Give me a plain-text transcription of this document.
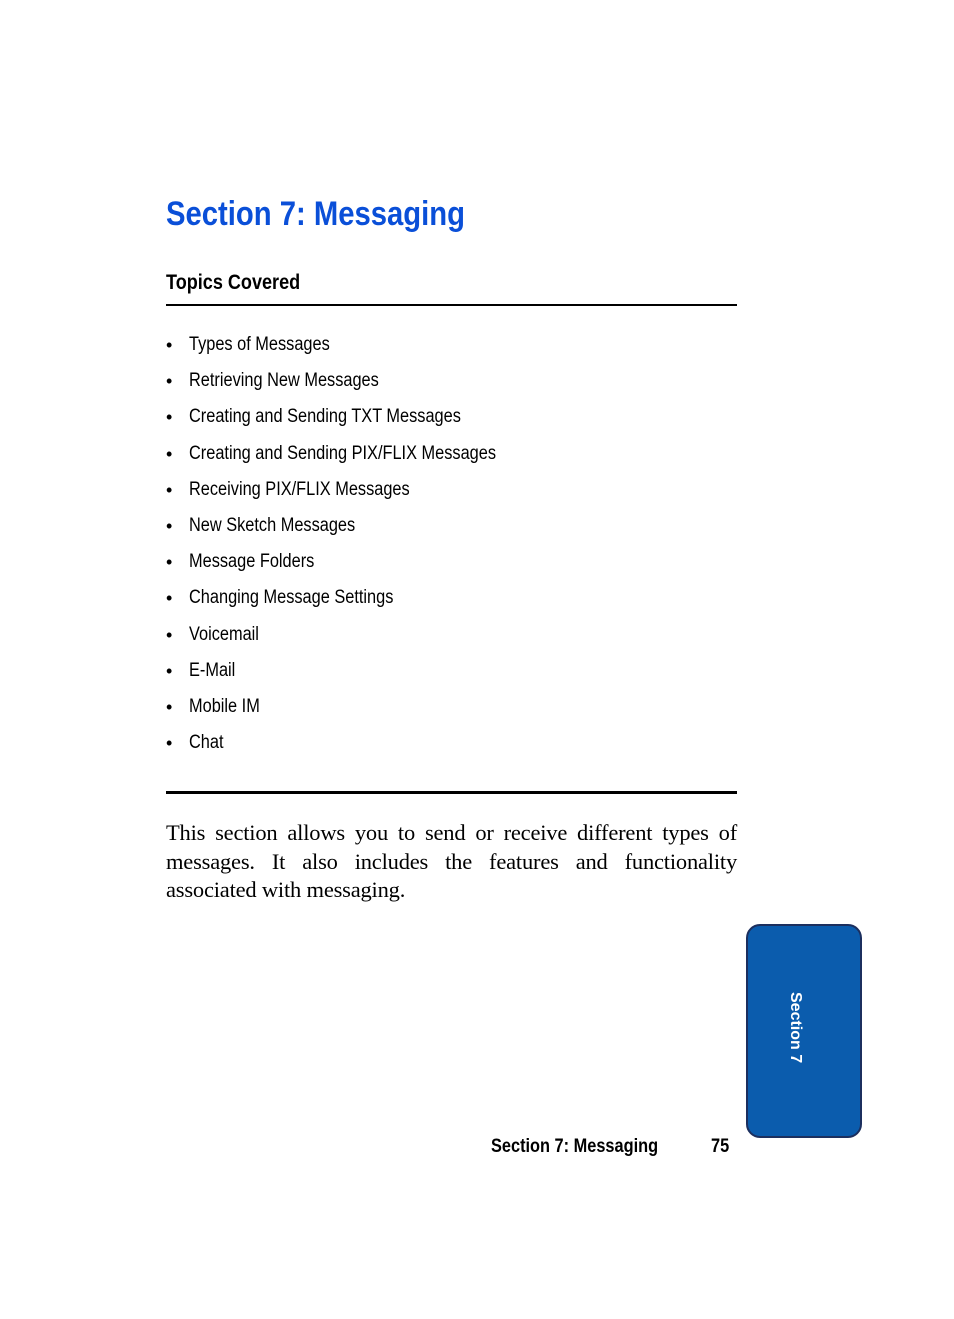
Section 7: Messaging
Topics Covered
• Types of Messages
• Retrieving New Messages
• Creating and Sending TXT Messages
• Creating and Sending PIX/FLIX Messages
• Receiving PIX/FLIX Messages
• New Sketch Messages
• Message Folders
• Changing Message Settings
• Voicemail
• E-Mail
• Mobile IM
• Chat

This section allows you to send or receive different types of messages. It also includes the features and functionality associated with messaging.

Section 7
Section 7: Messaging	75
